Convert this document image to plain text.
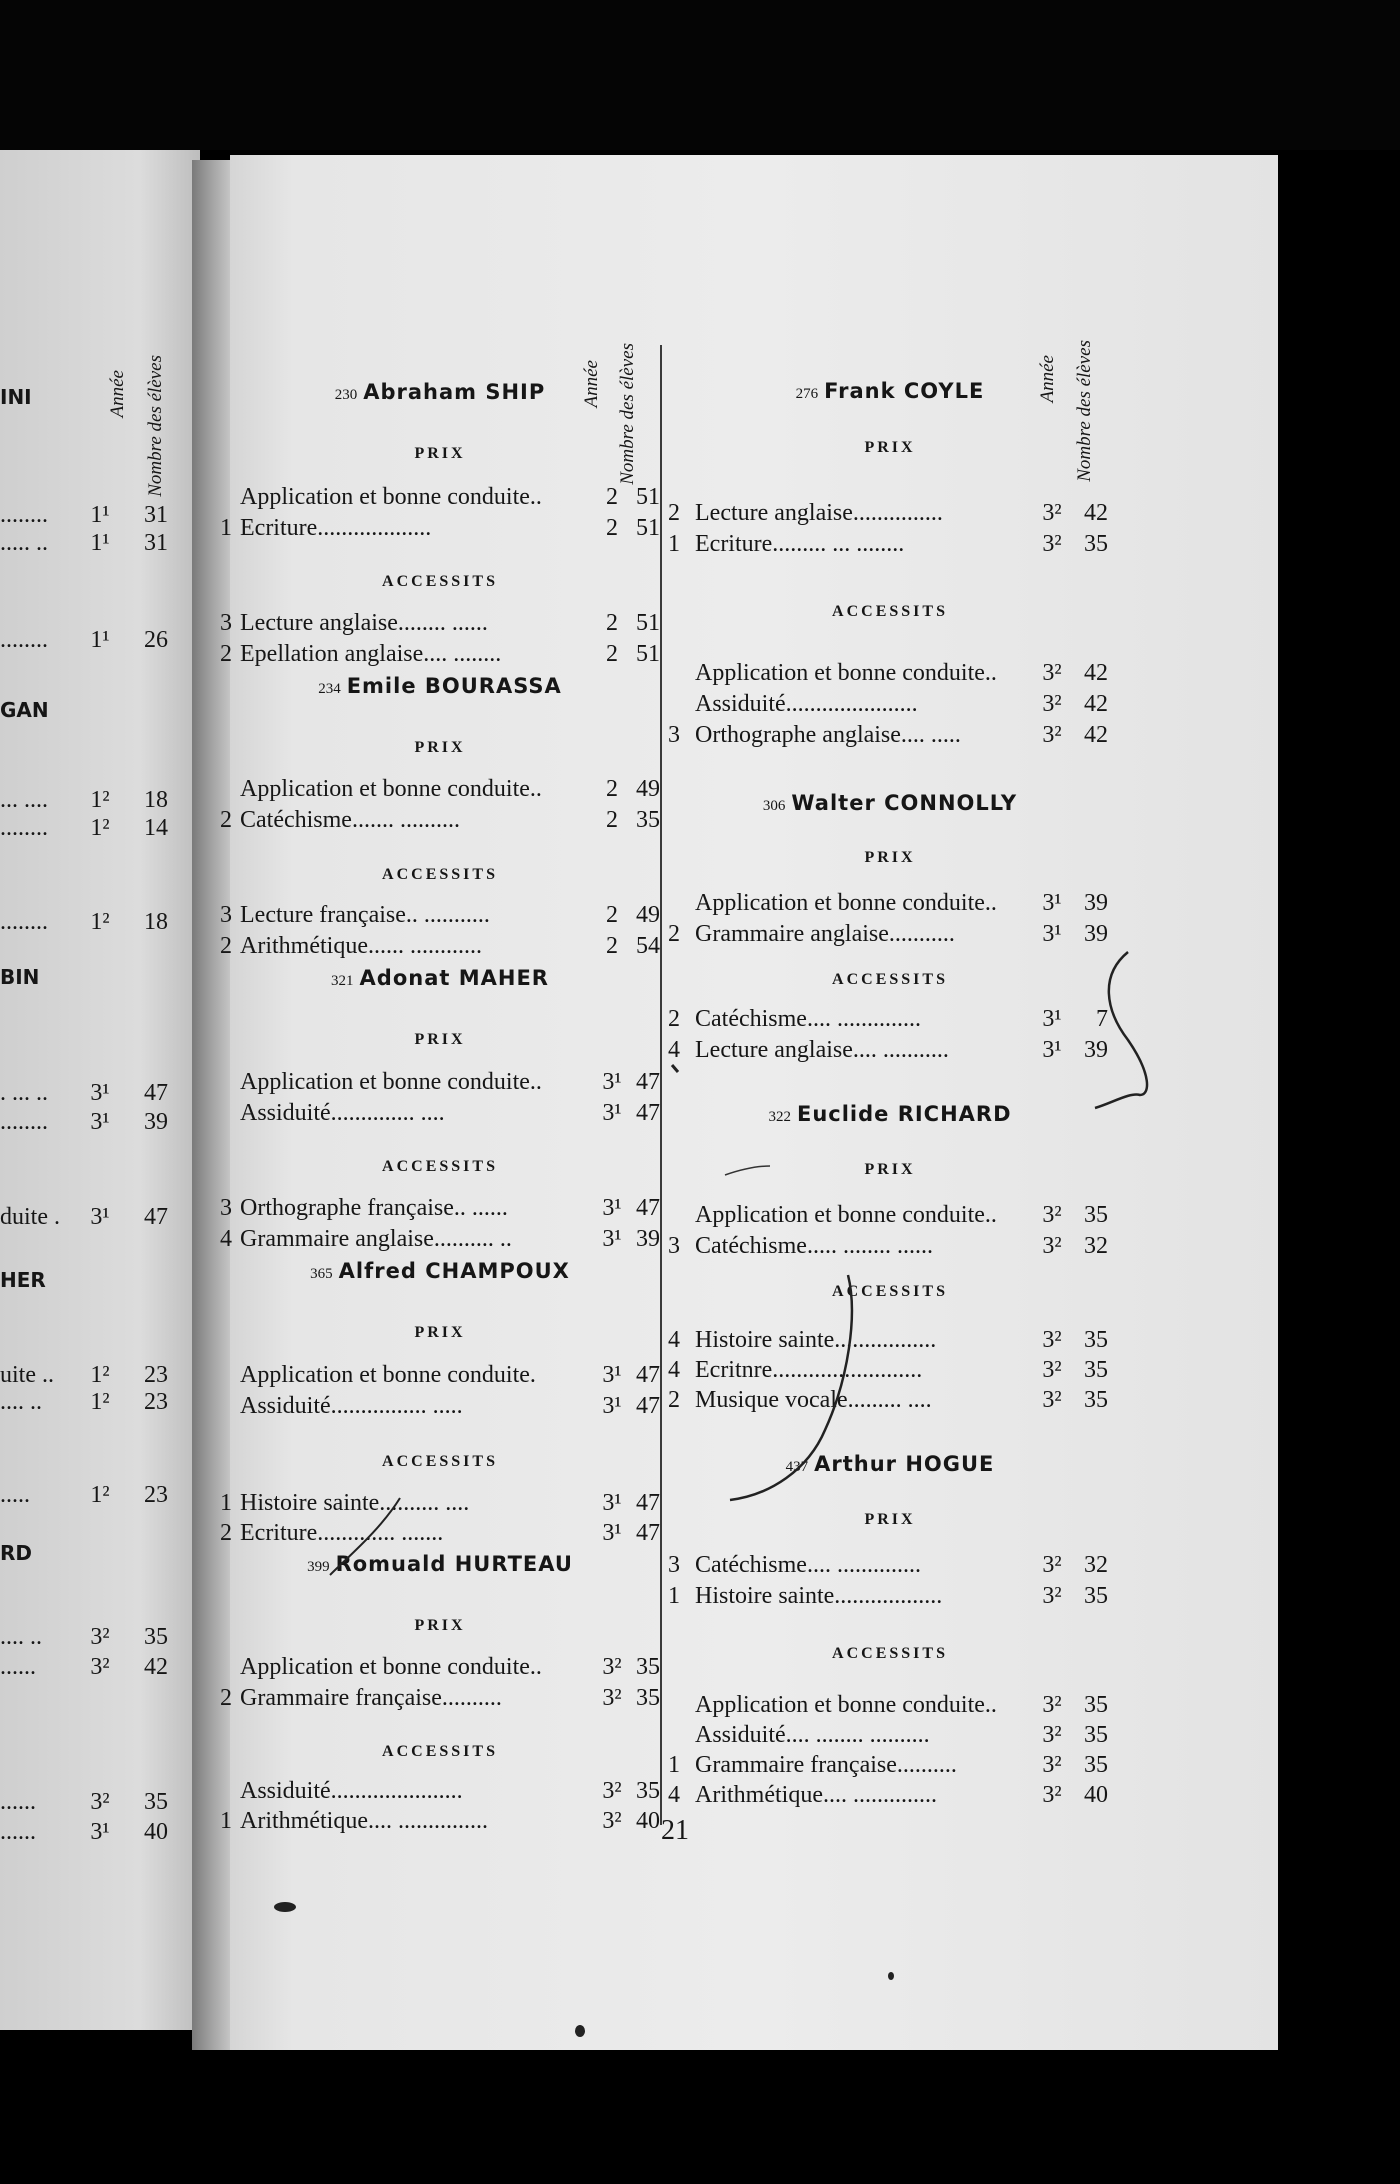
Année Nombre des élèves	Année Nombre des élèves	Année Nombre des élèves
INI
GAN
BIN
HER
RD
........	1¹	31
..... ..	1¹	31
........	1¹	26
... ....	1²	18
........	1²	14
........	1²	18
. ... ..	3¹	47
........	3¹	39
duite .	3¹	47
uite ..	1²	23
.... ..	1²	23
.....	1²	23
.... ..	3²	35
......	3²	42
......	3²	35
......	3¹	40
230 Abraham SHIP
PRIX
Application et bonne conduite..	2 51
1 Ecriture...................	2 51
ACCESSITS
3 Lecture anglaise........ ......	2 51
2 Epellation anglaise.... ........	2 51
234 Emile BOURASSA
PRIX
Application et bonne conduite..	2 49
2 Catéchisme....... ..........	2 35
ACCESSITS
3 Lecture française.. ...........	2 49
2 Arithmétique...... ............	2 54
321 Adonat MAHER
PRIX
Application et bonne conduite..	3¹ 47
Assiduité.............. ....	3¹ 47
ACCESSITS
3 Orthographe française.. ......	3¹ 47
4 Grammaire anglaise.......... ..	3¹ 39
365 Alfred CHAMPOUX
PRIX
Application et bonne conduite.	3¹ 47
Assiduité................ .....	3¹ 47
ACCESSITS
1 Histoire sainte.......... ....	3¹ 47
2 Ecriture............. .......	3¹ 47
399 Romuald HURTEAU
PRIX
Application et bonne conduite..	3² 35
2 Grammaire française..........	3² 35
ACCESSITS
Assiduité......................	3² 35
1 Arithmétique.... ...............	3² 40
276 Frank COYLE
PRIX
2 Lecture anglaise...............	3² 42
1 Ecriture......... ... ........	3² 35
ACCESSITS
Application et bonne conduite..	3² 42
Assiduité......................	3² 42
3 Orthographe anglaise.... .....	3² 42
306 Walter CONNOLLY
PRIX
Application et bonne conduite..	3¹ 39
2 Grammaire anglaise...........	3¹ 39
ACCESSITS
2 Catéchisme.... ..............	3¹	7
4 Lecture anglaise.... ...........	3¹ 39
322 Euclide RICHARD
PRIX
Application et bonne conduite..	3² 35
3 Catéchisme..... ........ ......	3² 32
ACCESSITS
4 Histoire sainte.................	3² 35
4 Ecritnre.........................	3² 35
2 Musique vocale......... ....	3² 35
437 Arthur HOGUE
PRIX
3 Catéchisme.... ..............	3² 32
1 Histoire sainte..................	3² 35
ACCESSITS
Application et bonne conduite..	3² 35
Assiduité.... ........ ..........	3² 35
1 Grammaire française..........	3² 35
4 Arithmétique.... ..............	3² 40
21
